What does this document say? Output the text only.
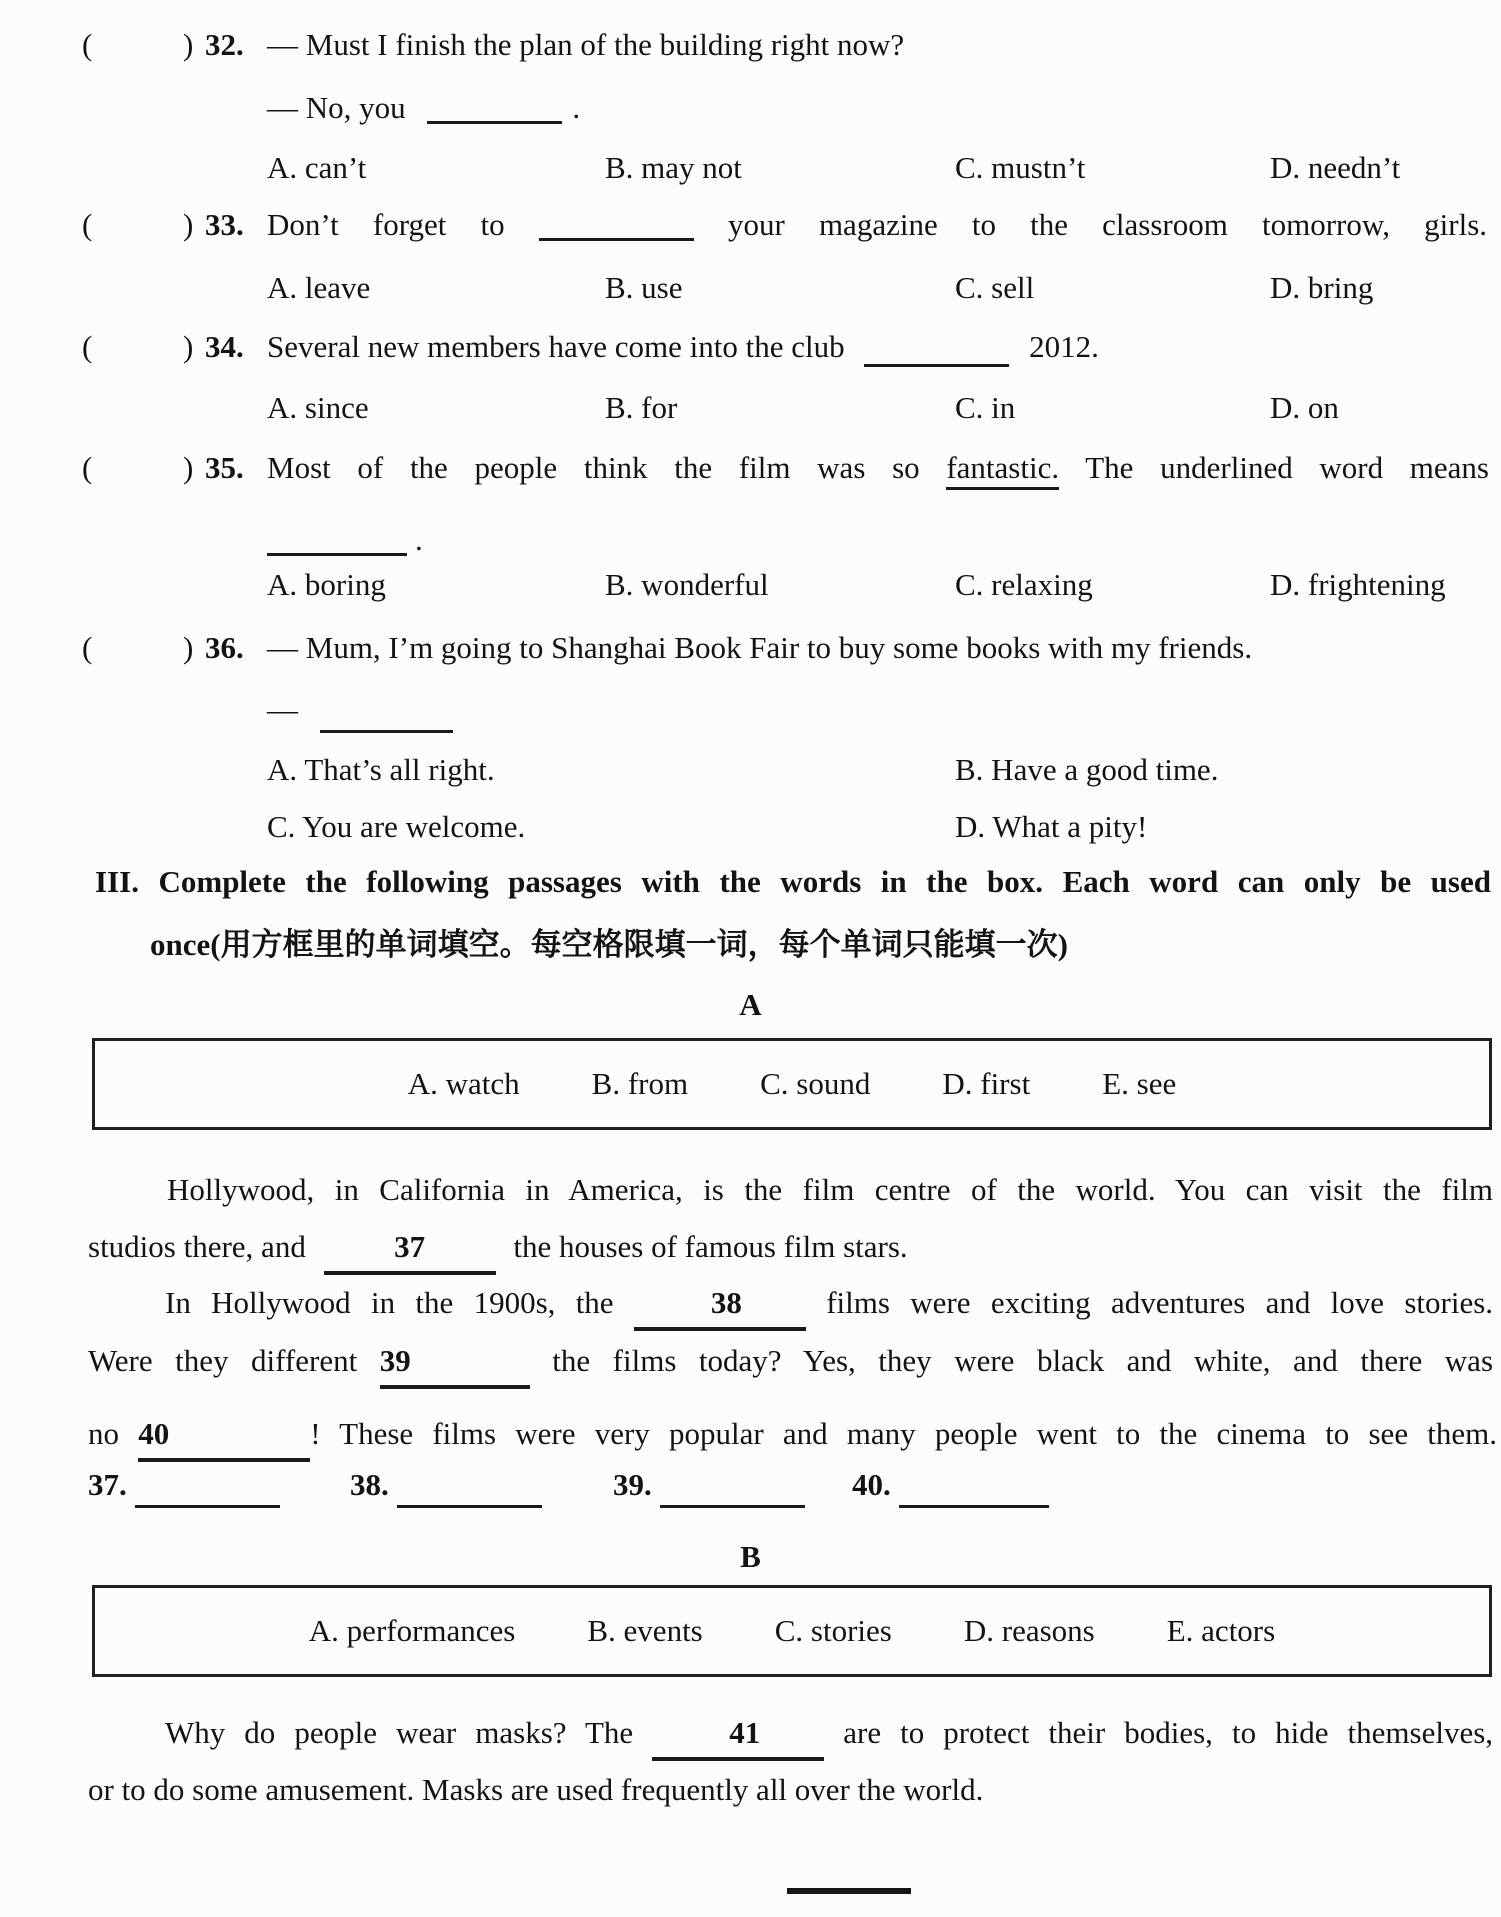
(	) 32. — Must I finish the plan of the building right now?
— No, you	.
A. can’t	B. may not	C. mustn’t	D. needn’t
(	) 33. Don’t forget to	your magazine to the classroom tomorrow, girls.
A. leave	B. use	C. sell	D. bring
(	) 34. Several new members have come into the club	2012.
A. since	B. for	C. in	D. on
(	) 35. Most of the people think the film was so fantastic. The underlined word means
.
A. boring	B. wonderful	C. relaxing	D. frightening
(	) 36. — Mum, I’m going to Shanghai Book Fair to buy some books with my friends.
—
A. That’s all right.	B. Have a good time.
C. You are welcome.	D. What a pity!
III. Complete the following passages with the words in the box. Each word can only be used
once(用方框里的单词填空。每空格限填一词，每个单词只能填一次)
A
A. watch B. from C. sound D. first E. see
Hollywood, in California in America, is the film centre of the world. You can visit the film
studios there, and	37	the houses of famous film stars.
In Hollywood in the 1900s, the	38	films were exciting adventures and love stories.
Were they different 39	the films today? Yes, they were black and white, and there was
no 40	! These films were very popular and many people went to the cinema to see them.
37.	38.	39.	40.
B
A. performances B. events C. stories D. reasons E. actors
Why do people wear masks? The	41	are to protect their bodies, to hide themselves,
or to do some amusement. Masks are used frequently all over the world.
